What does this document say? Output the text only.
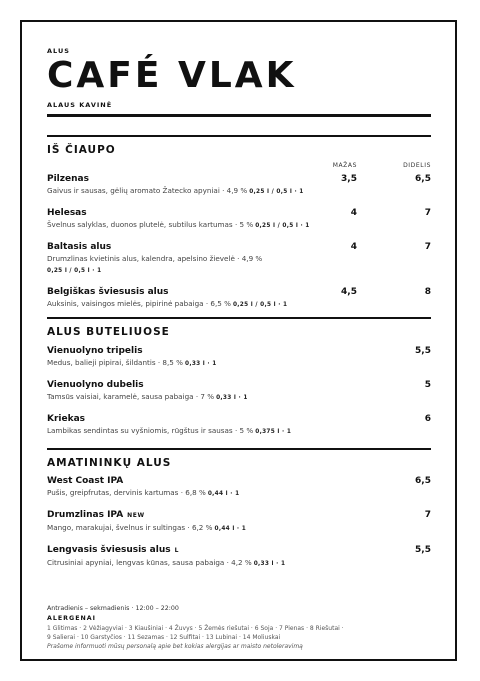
ALUS
CAFÉ VLAK
ALAUS KAVINĖ
IŠ ČIAUPO
MAŽAS	DIDELIS
Pilzenas
Gaivus ir sausas, gėlių aromato Žatecko apyniai · 4,9 % 0,25 l / 0,5 l · 1
3,5	6,5
Helesas
Švelnus salyklas, duonos plutelė, subtilus kartumas · 5 % 0,25 l / 0,5 l · 1
4	7
Baltasis alus
Drumzlinas kvietinis alus, kalendra, apelsino žievelė · 4,9 %
0,25 l / 0,5 l · 1
4	7
Belgiškas šviesusis alus
Auksinis, vaisingos mielės, pipirinė pabaiga · 6,5 % 0,25 l / 0,5 l · 1
4,5	8
ALUS BUTELIUOSE
Vienuolyno tripelis
Medus, balieji pipirai, šildantis · 8,5 % 0,33 l · 1
5,5
Vienuolyno dubelis
Tamsūs vaisiai, karamelė, sausa pabaiga · 7 % 0,33 l · 1
5
Kriekas
Lambikas sendintas su vyšniomis, rūgštus ir sausas · 5 % 0,375 l · 1
6
AMATININKŲ ALUS
West Coast IPA
Pušis, greipfrutas, dervinis kartumas · 6,8 % 0,44 l · 1
6,5
Drumzlinas IPA NEW
Mango, marakujai, švelnus ir sultingas · 6,2 % 0,44 l · 1
7
Lengvasis šviesusis alus L
Citrusiniai apyniai, lengvas kūnas, sausa pabaiga · 4,2 % 0,33 l · 1
5,5
Antradienis – sekmadienis · 12:00 – 22:00
ALERGENAI
1 Glitimas · 2 Vėžiagyviai · 3 Kiaušiniai · 4 Žuvys · 5 Žemės riešutai · 6 Soja · 7 Pienas · 8 Riešutai ·
9 Salierai · 10 Garstyčios · 11 Sezamas · 12 Sulfitai · 13 Lubinai · 14 Moliuskai
Prašome informuoti mūsų personalą apie bet kokias alergijas ar maisto netoleravimą
